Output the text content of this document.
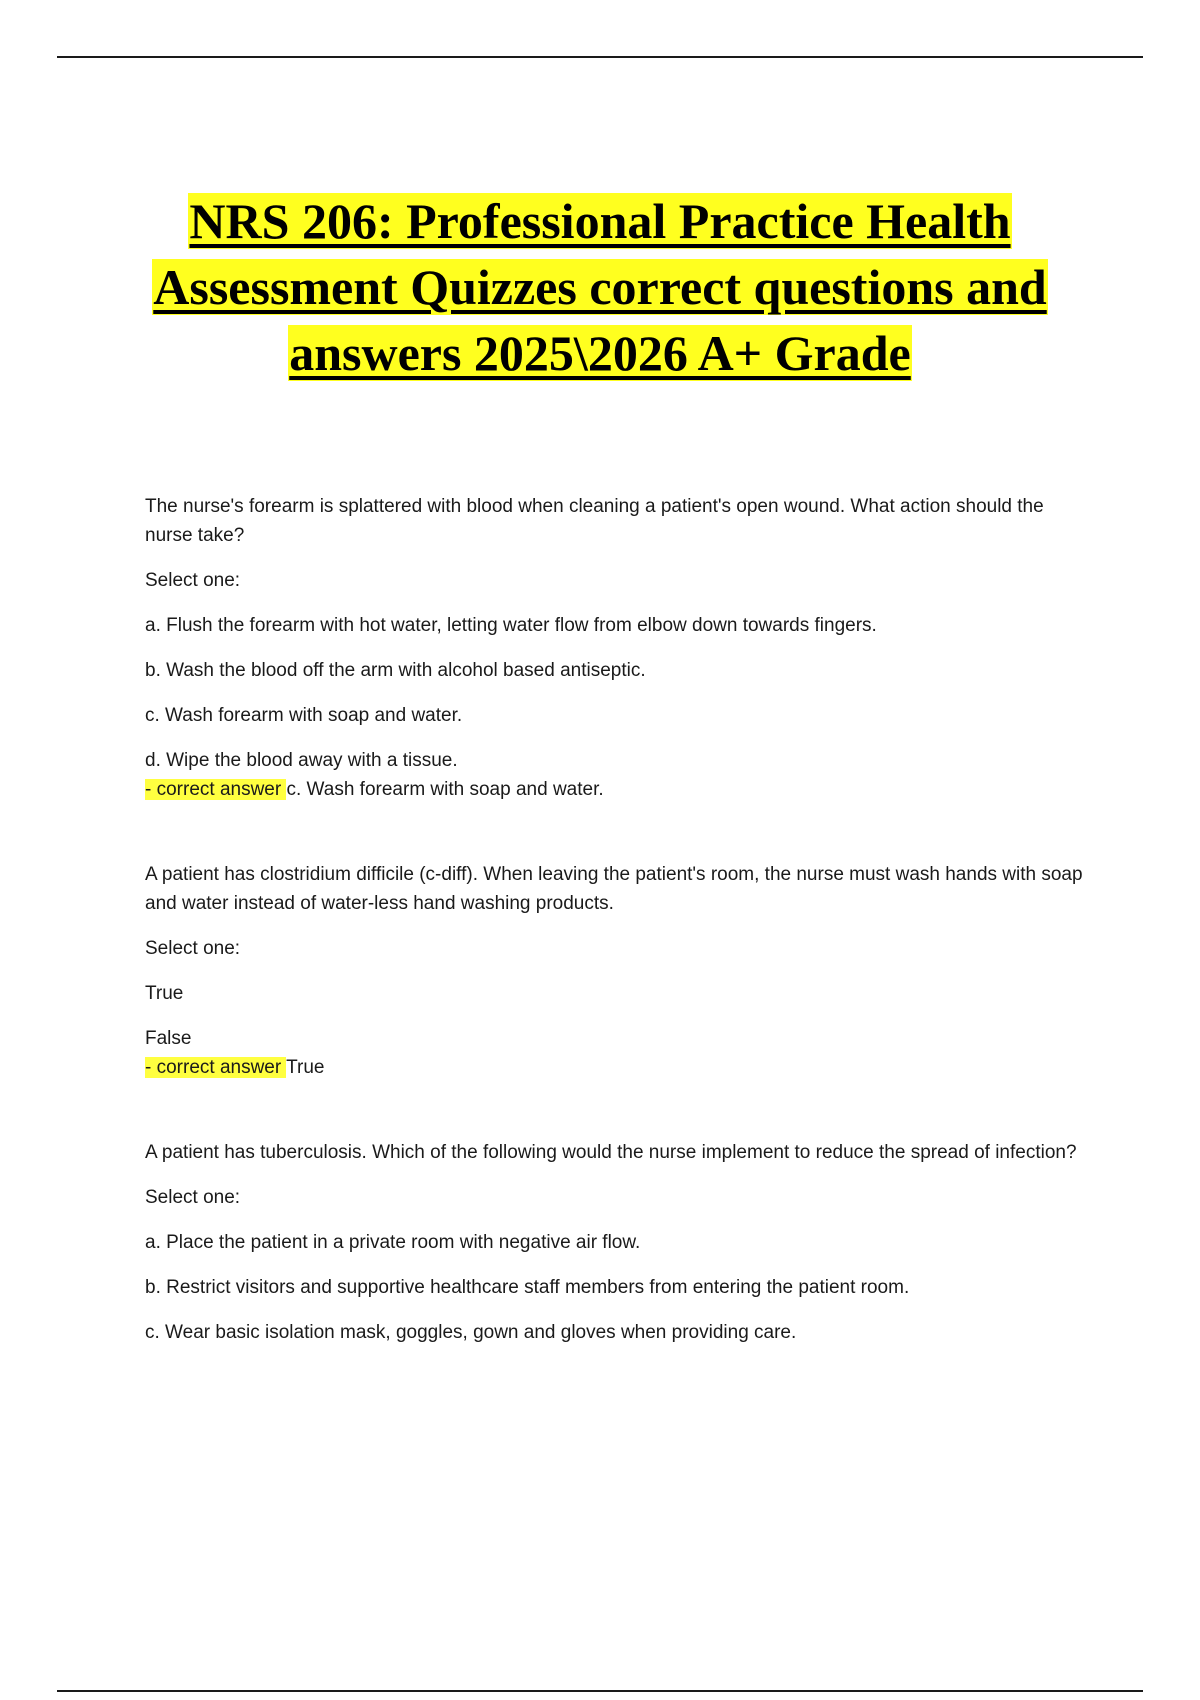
NRS 206: Professional Practice Health
Assessment Quizzes correct questions and
answers 2025\2026 A+ Grade
The nurse's forearm is splattered with blood when cleaning a patient's open wound. What action should the nurse take?
Select one:
a. Flush the forearm with hot water, letting water flow from elbow down towards fingers.
b. Wash the blood off the arm with alcohol based antiseptic.
c. Wash forearm with soap and water.
d. Wipe the blood away with a tissue.
- correct answer c. Wash forearm with soap and water.
A patient has clostridium difficile (c-diff). When leaving the patient's room, the nurse must wash hands with soap and water instead of water-less hand washing products.
Select one:
True
False
- correct answer True
A patient has tuberculosis. Which of the following would the nurse implement to reduce the spread of infection?
Select one:
a. Place the patient in a private room with negative air flow.
b. Restrict visitors and supportive healthcare staff members from entering the patient room.
c. Wear basic isolation mask, goggles, gown and gloves when providing care.
